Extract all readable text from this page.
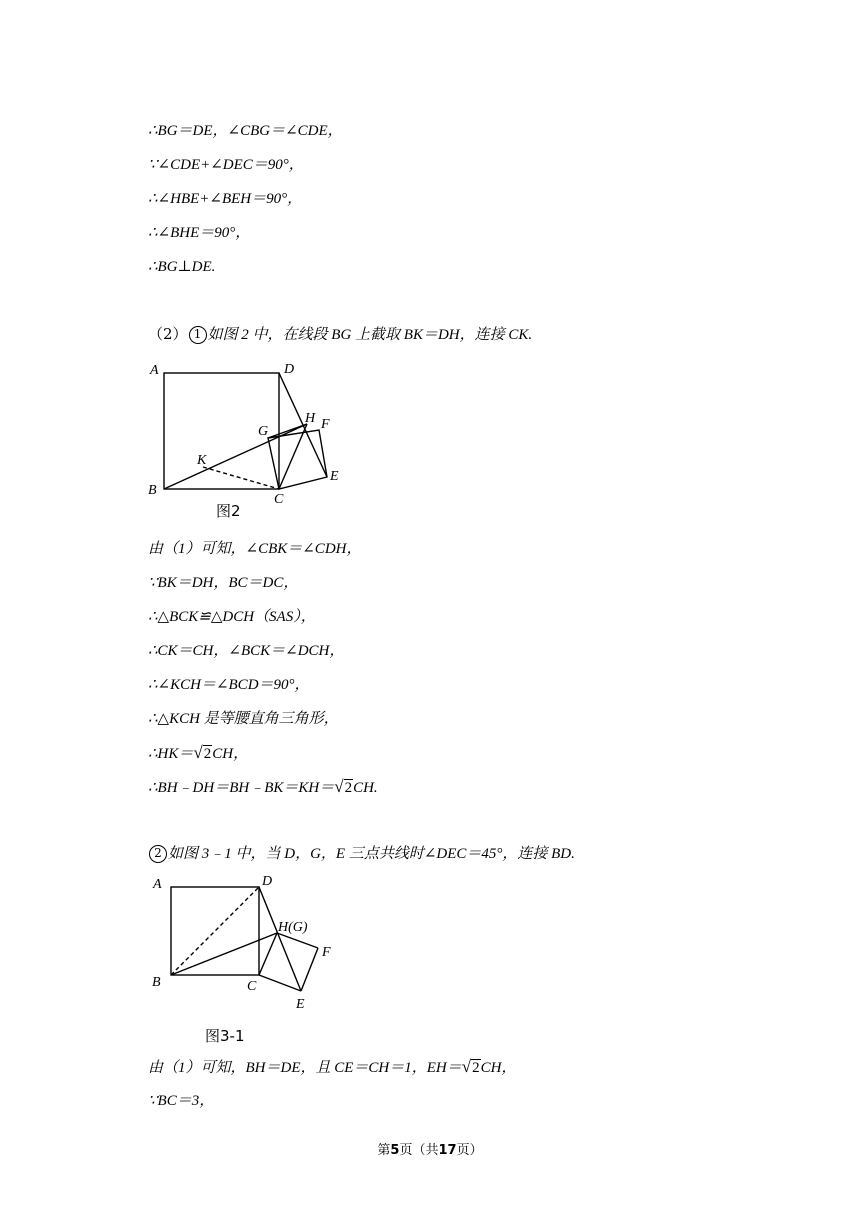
∴BG＝DE，∠CBG＝∠CDE，
∵∠CDE+∠DEC＝90°，
∴∠HBE+∠BEH＝90°，
∴∠BHE＝90°，
∴BG⊥DE.
（2） 1 如图 2 中，在线段 BG 上截取 BK＝DH，连接 CK.
A
B
C
D
E
F
G
H
K
图2
由（1）可知，∠CBK＝∠CDH，
∵BK＝DH，BC＝DC，
∴△BCK≌△DCH（SAS），
∴CK＝CH，∠BCK＝∠DCH，
∴∠KCH＝∠BCD＝90°，
∴△KCH 是等腰直角三角形，
∴HK＝√2CH，
∴BH﹣DH＝BH﹣BK＝KH＝√2CH.
2 如图 3﹣1 中，当 D，G，E 三点共线时∠DEC＝45°，连接 BD.
A
B	C
D
E
F
H(G)
图3-1
由（1）可知，BH＝DE，且 CE＝CH＝1，EH＝√2CH，
∵BC＝3，
第5页（共17页）
